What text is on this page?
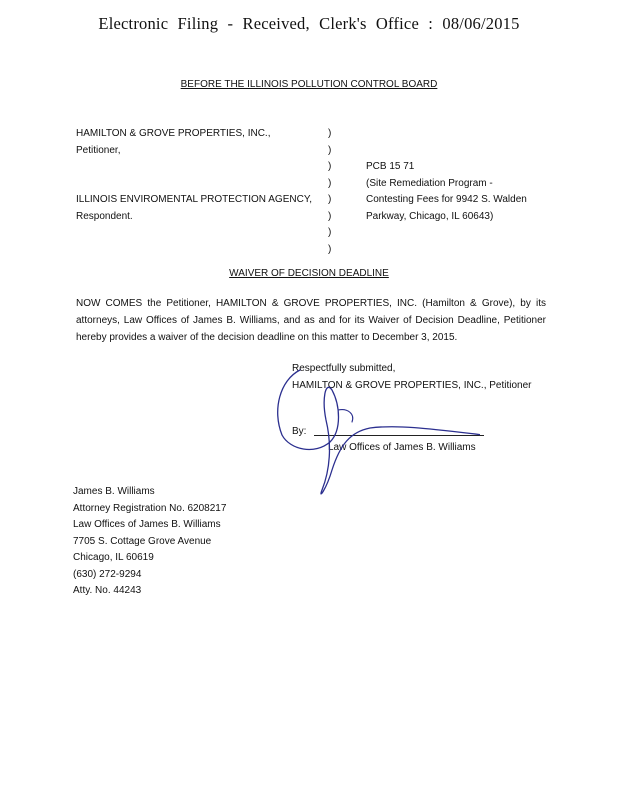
Electronic Filing - Received, Clerk's Office : 08/06/2015
BEFORE THE ILLINOIS POLLUTION CONTROL BOARD
HAMILTON & GROVE PROPERTIES, INC.,
Petitioner,
ILLINOIS ENVIROMENTAL PROTECTION AGENCY,
Respondent.
)
)
)
)
)
)
)
)
PCB 15 71
(Site Remediation Program -
Contesting Fees for 9942 S. Walden
Parkway, Chicago, IL 60643)
WAIVER OF DECISION DEADLINE
NOW COMES the Petitioner, HAMILTON & GROVE PROPERTIES, INC. (Hamilton & Grove), by its attorneys, Law Offices of James B. Williams, and as and for its Waiver of Decision Deadline, Petitioner hereby provides a waiver of the decision deadline on this matter to December 3, 2015.
Respectfully submitted,
HAMILTON & GROVE PROPERTIES, INC., Petitioner
By:
Law Offices of James B. Williams
James B. Williams
Attorney Registration No. 6208217
Law Offices of James B. Williams
7705 S. Cottage Grove Avenue
Chicago, IL 60619
(630) 272-9294
Atty. No. 44243
